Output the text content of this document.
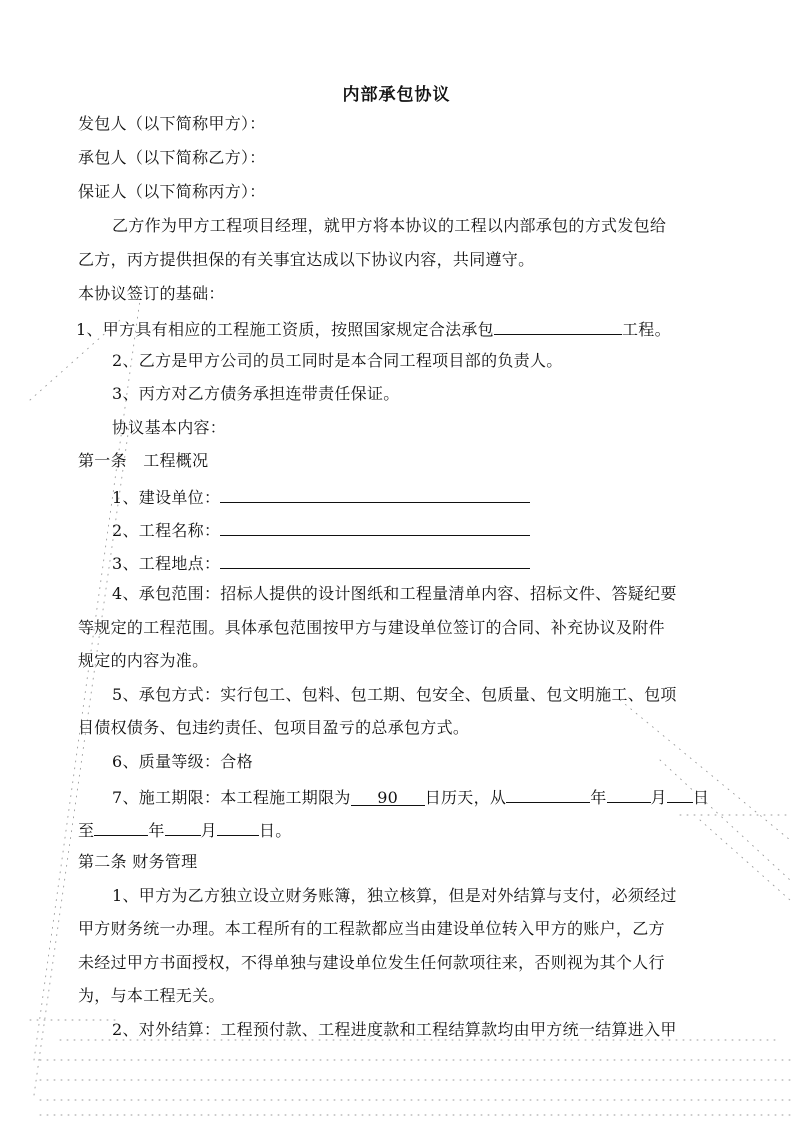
内部承包协议
发包人（以下简称甲方）：
承包人（以下简称乙方）：
保证人（以下简称丙方）：
乙方作为甲方工程项目经理，就甲方将本协议的工程以内部承包的方式发包给
乙方，丙方提供担保的有关事宜达成以下协议内容，共同遵守。
本协议签订的基础：
1、甲方具有相应的工程施工资质，按照国家规定合法承包	工程。
2、乙方是甲方公司的员工同时是本合同工程项目部的负责人。
3、丙方对乙方债务承担连带责任保证。
协议基本内容：
第一条　工程概况
1、建设单位：
2、工程名称：
3、工程地点：
4、承包范围：招标人提供的设计图纸和工程量清单内容、招标文件、答疑纪要
等规定的工程范围。具体承包范围按甲方与建设单位签订的合同、补充协议及附件
规定的内容为准。
5、承包方式：实行包工、包料、包工期、包安全、包质量、包文明施工、包项
目债权债务、包违约责任、包项目盈亏的总承包方式。
6、质量等级：合格
7、施工期限：本工程施工期限为 90 日历天，从	年	月 日
至	年 月	日。
第二条 财务管理
1、甲方为乙方独立设立财务账簿，独立核算，但是对外结算与支付，必须经过
甲方财务统一办理。本工程所有的工程款都应当由建设单位转入甲方的账户，乙方
未经过甲方书面授权，不得单独与建设单位发生任何款项往来，否则视为其个人行
为，与本工程无关。
2、对外结算：工程预付款、工程进度款和工程结算款均由甲方统一结算进入甲
